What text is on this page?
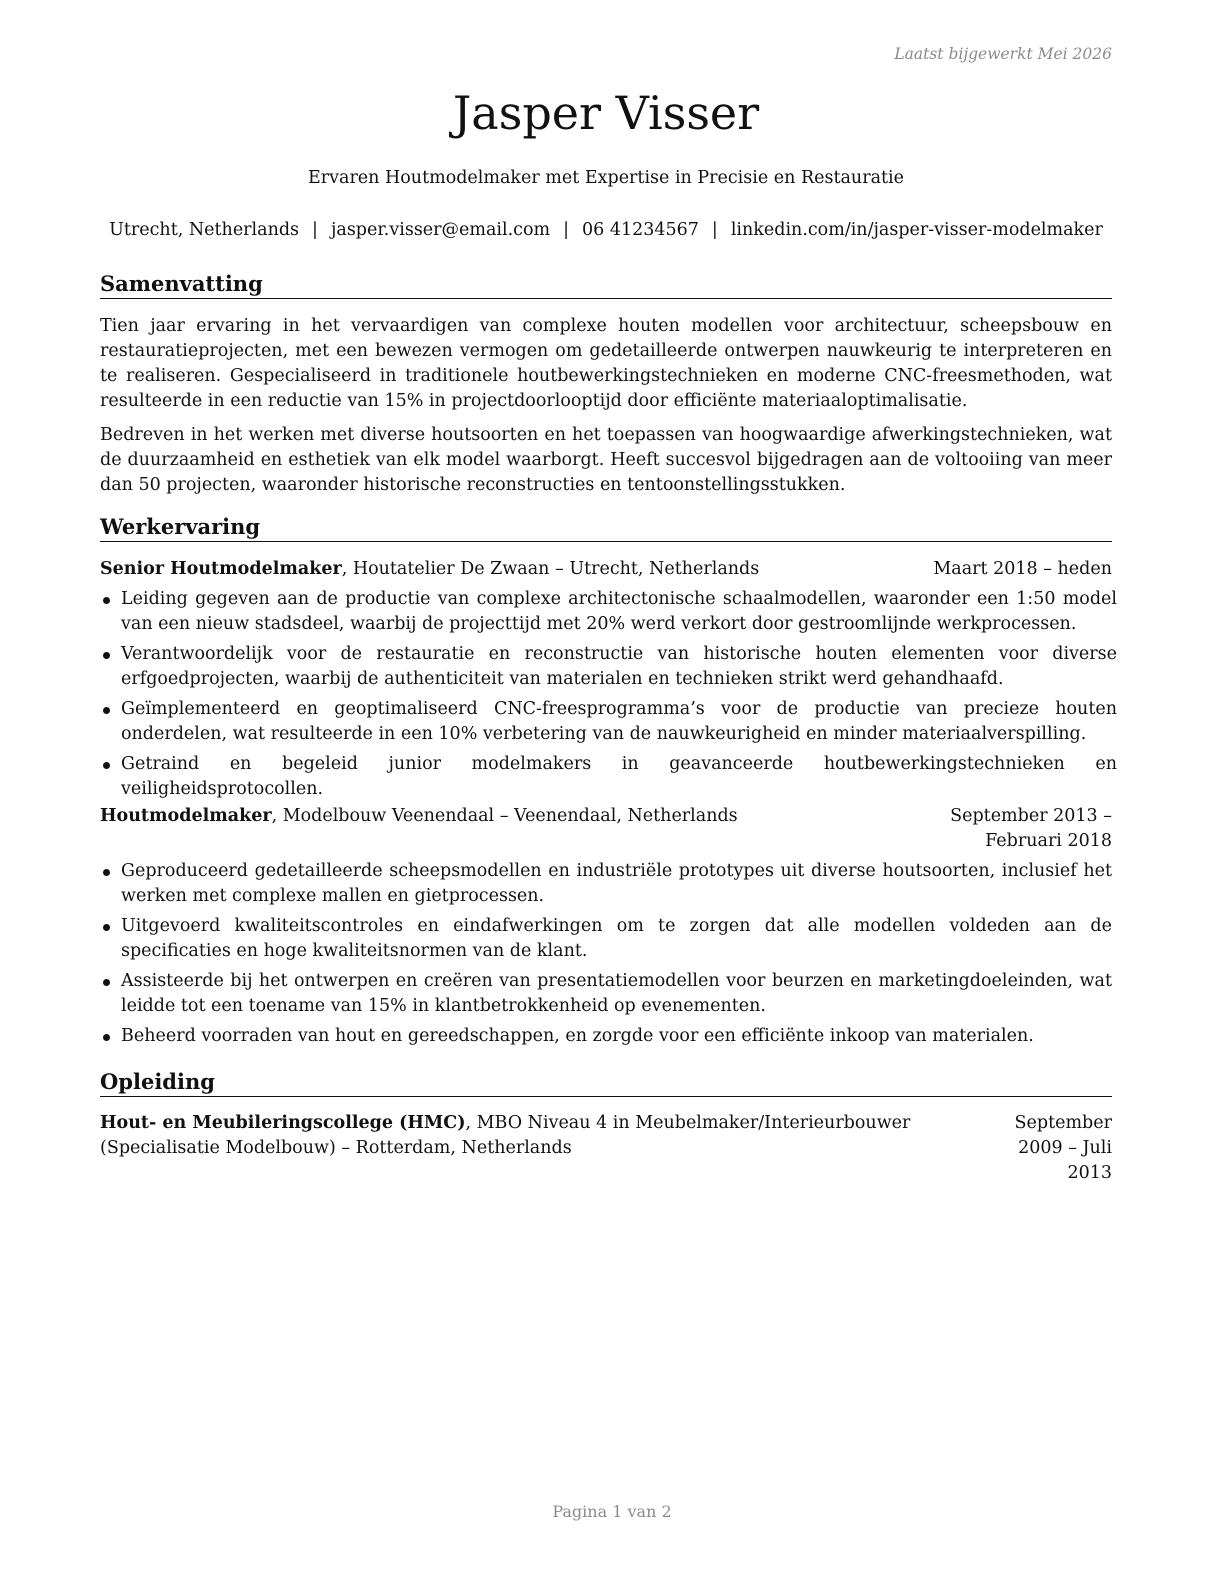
Laatst bijgewerkt Mei 2026
Jasper Visser
Ervaren Houtmodelmaker met Expertise in Precisie en Restauratie
Utrecht, Netherlands | jasper.visser@email.com | 06 41234567 | linkedin.com/in/jasper-visser-modelmaker
Samenvatting

Tien jaar ervaring in het vervaardigen van complexe houten modellen voor architectuur, scheepsbouw en restauratieprojecten, met een bewezen vermogen om gedetailleerde ontwerpen nauwkeurig te interpreteren en te realiseren. Gespecialiseerd in traditionele houtbewerkingstechnieken en moderne CNC-freesmethoden, wat resulteerde in een reductie van 15% in projectdoorlooptijd door efficiënte materiaaloptimalisatie.

Bedreven in het werken met diverse houtsoorten en het toepassen van hoogwaardige afwerkingstechnieken, wat de duurzaamheid en esthetiek van elk model waarborgt. Heeft succesvol bijgedragen aan de voltooiing van meer dan 50 projecten, waaronder historische reconstructies en tentoonstellingsstukken.

Werkervaring
Senior Houtmodelmaker, Houtatelier De Zwaan – Utrecht, Netherlands	Maart 2018 – heden
Leiding gegeven aan de productie van complexe architectonische schaalmodellen, waaronder een 1:50 model van een nieuw stadsdeel, waarbij de projecttijd met 20% werd verkort door gestroomlijnde werkprocessen.
Verantwoordelijk voor de restauratie en reconstructie van historische houten elementen voor diverse erfgoedprojecten, waarbij de authenticiteit van materialen en technieken strikt werd gehandhaafd.
Geïmplementeerd en geoptimaliseerd CNC-freesprogramma’s voor de productie van precieze houten onderdelen, wat resulteerde in een 10% verbetering van de nauwkeurigheid en minder materiaalverspilling.
Getraind en begeleid junior modelmakers in geavanceerde houtbewerkingstechnieken en veiligheidsprotocollen.
Houtmodelmaker, Modelbouw Veenendaal – Veenendaal, Netherlands	September 2013 – Februari 2018
Geproduceerd gedetailleerde scheepsmodellen en industriële prototypes uit diverse houtsoorten, inclusief het werken met complexe mallen en gietprocessen.
Uitgevoerd kwaliteitscontroles en eindafwerkingen om te zorgen dat alle modellen voldeden aan de specificaties en hoge kwaliteitsnormen van de klant.
Assisteerde bij het ontwerpen en creëren van presentatiemodellen voor beurzen en marketingdoeleinden, wat leidde tot een toename van 15% in klantbetrokkenheid op evenementen.
Beheerd voorraden van hout en gereedschappen, en zorgde voor een efficiënte inkoop van materialen.
Opleiding
Hout- en Meubileringscollege (HMC), MBO Niveau 4 in Meubelmaker/Interieurbouwer (Specialisatie Modelbouw) – Rotterdam, Netherlands
September 2009 – Juli 2013
Pagina 1 van 2
